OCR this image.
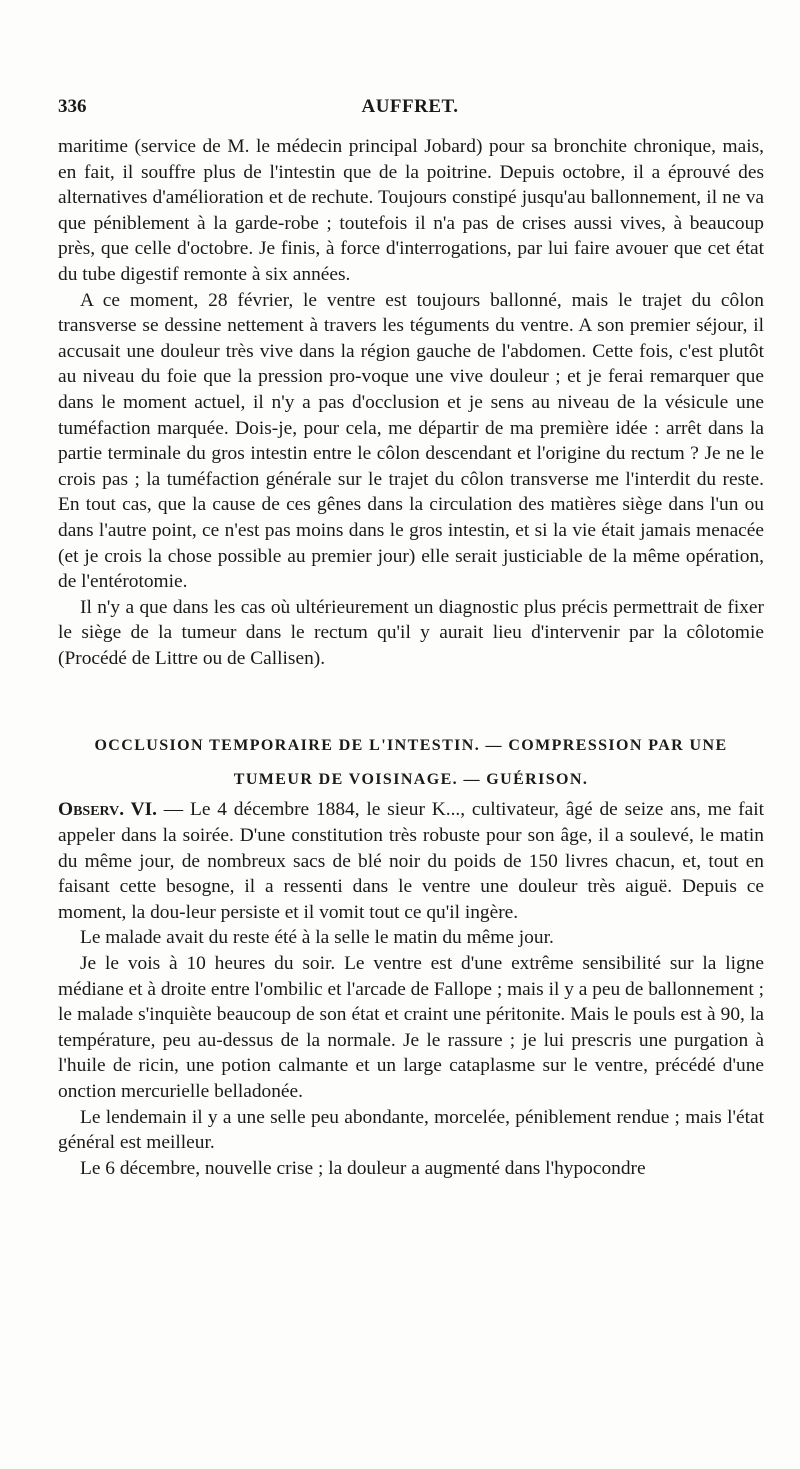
336	AUFFRET.

maritime (service de M. le médecin principal Jobard) pour sa bronchite chronique, mais, en fait, il souffre plus de l'intestin que de la poitrine. Depuis octobre, il a éprouvé des alternatives d'amélioration et de rechute. Toujours constipé jusqu'au ballonnement, il ne va que péniblement à la garde-robe ; toutefois il n'a pas de crises aussi vives, à beaucoup près, que celle d'octobre. Je finis, à force d'interrogations, par lui faire avouer que cet état du tube digestif remonte à six années.

A ce moment, 28 février, le ventre est toujours ballonné, mais le trajet du côlon transverse se dessine nettement à travers les téguments du ventre. A son premier séjour, il accusait une douleur très vive dans la région gauche de l'abdomen. Cette fois, c'est plutôt au niveau du foie que la pression pro-voque une vive douleur ; et je ferai remarquer que dans le moment actuel, il n'y a pas d'occlusion et je sens au niveau de la vésicule une tuméfaction marquée. Dois-je, pour cela, me départir de ma première idée : arrêt dans la partie terminale du gros intestin entre le côlon descendant et l'origine du rectum ? Je ne le crois pas ; la tuméfaction générale sur le trajet du côlon transverse me l'interdit du reste. En tout cas, que la cause de ces gênes dans la circulation des matières siège dans l'un ou dans l'autre point, ce n'est pas moins dans le gros intestin, et si la vie était jamais menacée (et je crois la chose possible au premier jour) elle serait justiciable de la même opération, de l'entérotomie.

Il n'y a que dans les cas où ultérieurement un diagnostic plus précis permettrait de fixer le siège de la tumeur dans le rectum qu'il y aurait lieu d'intervenir par la côlotomie (Procédé de Littre ou de Callisen).

OCCLUSION TEMPORAIRE DE L'INTESTIN. — COMPRESSION PAR UNE
TUMEUR DE VOISINAGE. — GUÉRISON.

Observ. VI. — Le 4 décembre 1884, le sieur K..., cultivateur, âgé de seize ans, me fait appeler dans la soirée. D'une constitution très robuste pour son âge, il a soulevé, le matin du même jour, de nombreux sacs de blé noir du poids de 150 livres chacun, et, tout en faisant cette besogne, il a ressenti dans le ventre une douleur très aiguë. Depuis ce moment, la dou-leur persiste et il vomit tout ce qu'il ingère.

Le malade avait du reste été à la selle le matin du même jour.

Je le vois à 10 heures du soir. Le ventre est d'une extrême sensibilité sur la ligne médiane et à droite entre l'ombilic et l'arcade de Fallope ; mais il y a peu de ballonnement ; le malade s'inquiète beaucoup de son état et craint une péritonite. Mais le pouls est à 90, la température, peu au-dessus de la normale. Je le rassure ; je lui prescris une purgation à l'huile de ricin, une potion calmante et un large cataplasme sur le ventre, précédé d'une onction mercurielle belladonée.

Le lendemain il y a une selle peu abondante, morcelée, péniblement rendue ; mais l'état général est meilleur.

Le 6 décembre, nouvelle crise ; la douleur a augmenté dans l'hypocondre
